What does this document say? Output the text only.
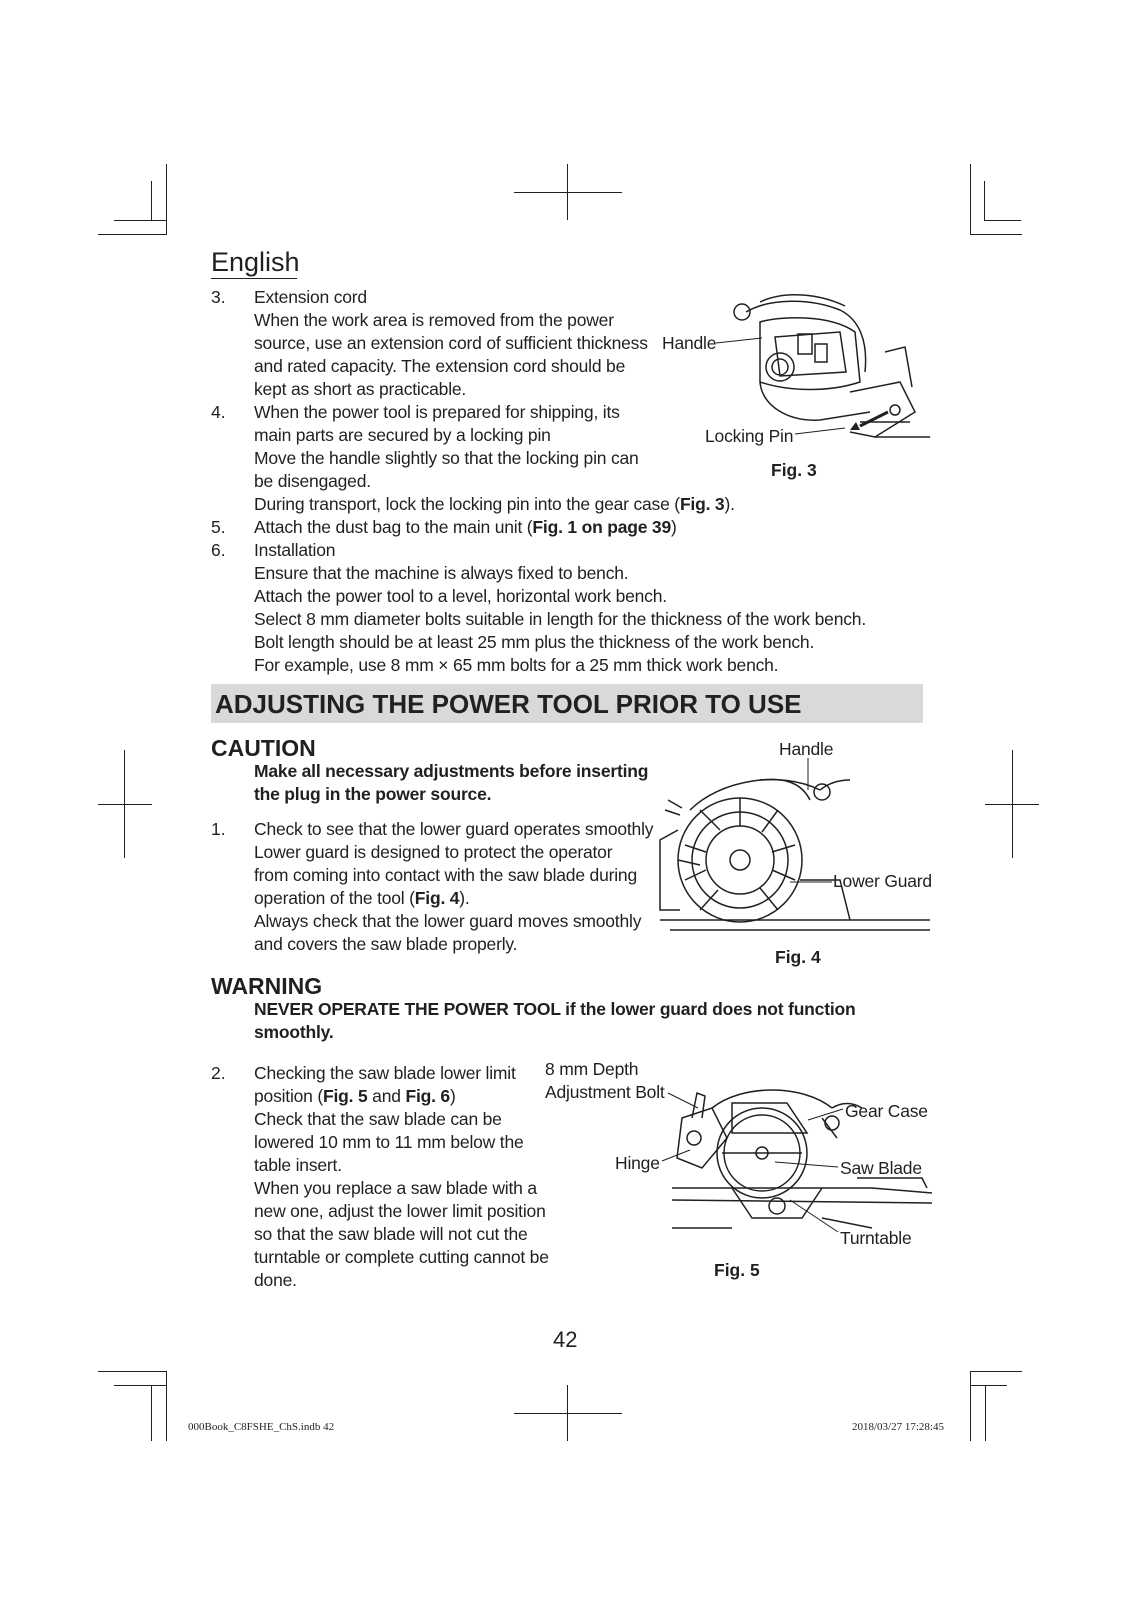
English
3. Extension cord
When the work area is removed from the power
source, use an extension cord of sufficient thickness
and rated capacity. The extension cord should be
kept as short as practicable.
4. When the power tool is prepared for shipping, its
main parts are secured by a locking pin
Move the handle slightly so that the locking pin can
be disengaged.
During transport, lock the locking pin into the gear case (Fig. 3).
5. Attach the dust bag to the main unit (Fig. 1 on page 39)
6. Installation
Ensure that the machine is always fixed to bench.
Attach the power tool to a level, horizontal work bench.
Select 8 mm diameter bolts suitable in length for the thickness of the work bench.
Bolt length should be at least 25 mm plus the thickness of the work bench.
For example, use 8 mm × 65 mm bolts for a 25 mm thick work bench.
Handle
Locking Pin
Fig. 3
ADJUSTING THE POWER TOOL PRIOR TO USE
CAUTION
Make all necessary adjustments before inserting
the plug in the power source.
1. Check to see that the lower guard operates smoothly
Lower guard is designed to protect the operator
from coming into contact with the saw blade during
operation of the tool (Fig. 4).
Always check that the lower guard moves smoothly
and covers the saw blade properly.
Handle
Lower Guard
Fig. 4
WARNING
NEVER OPERATE THE POWER TOOL if the lower guard does not function
smoothly.
2. Checking the saw blade lower limit
position (Fig. 5 and Fig. 6)
Check that the saw blade can be
lowered 10 mm to 11 mm below the
table insert.
When you replace a saw blade with a
new one, adjust the lower limit position
so that the saw blade will not cut the
turntable or complete cutting cannot be
done.
8 mm Depth
Adjustment Bolt
Gear Case
Hinge	Saw Blade
Turntable
Fig. 5
42
000Book_C8FSHE_ChS.indb 42	2018/03/27 17:28:45
